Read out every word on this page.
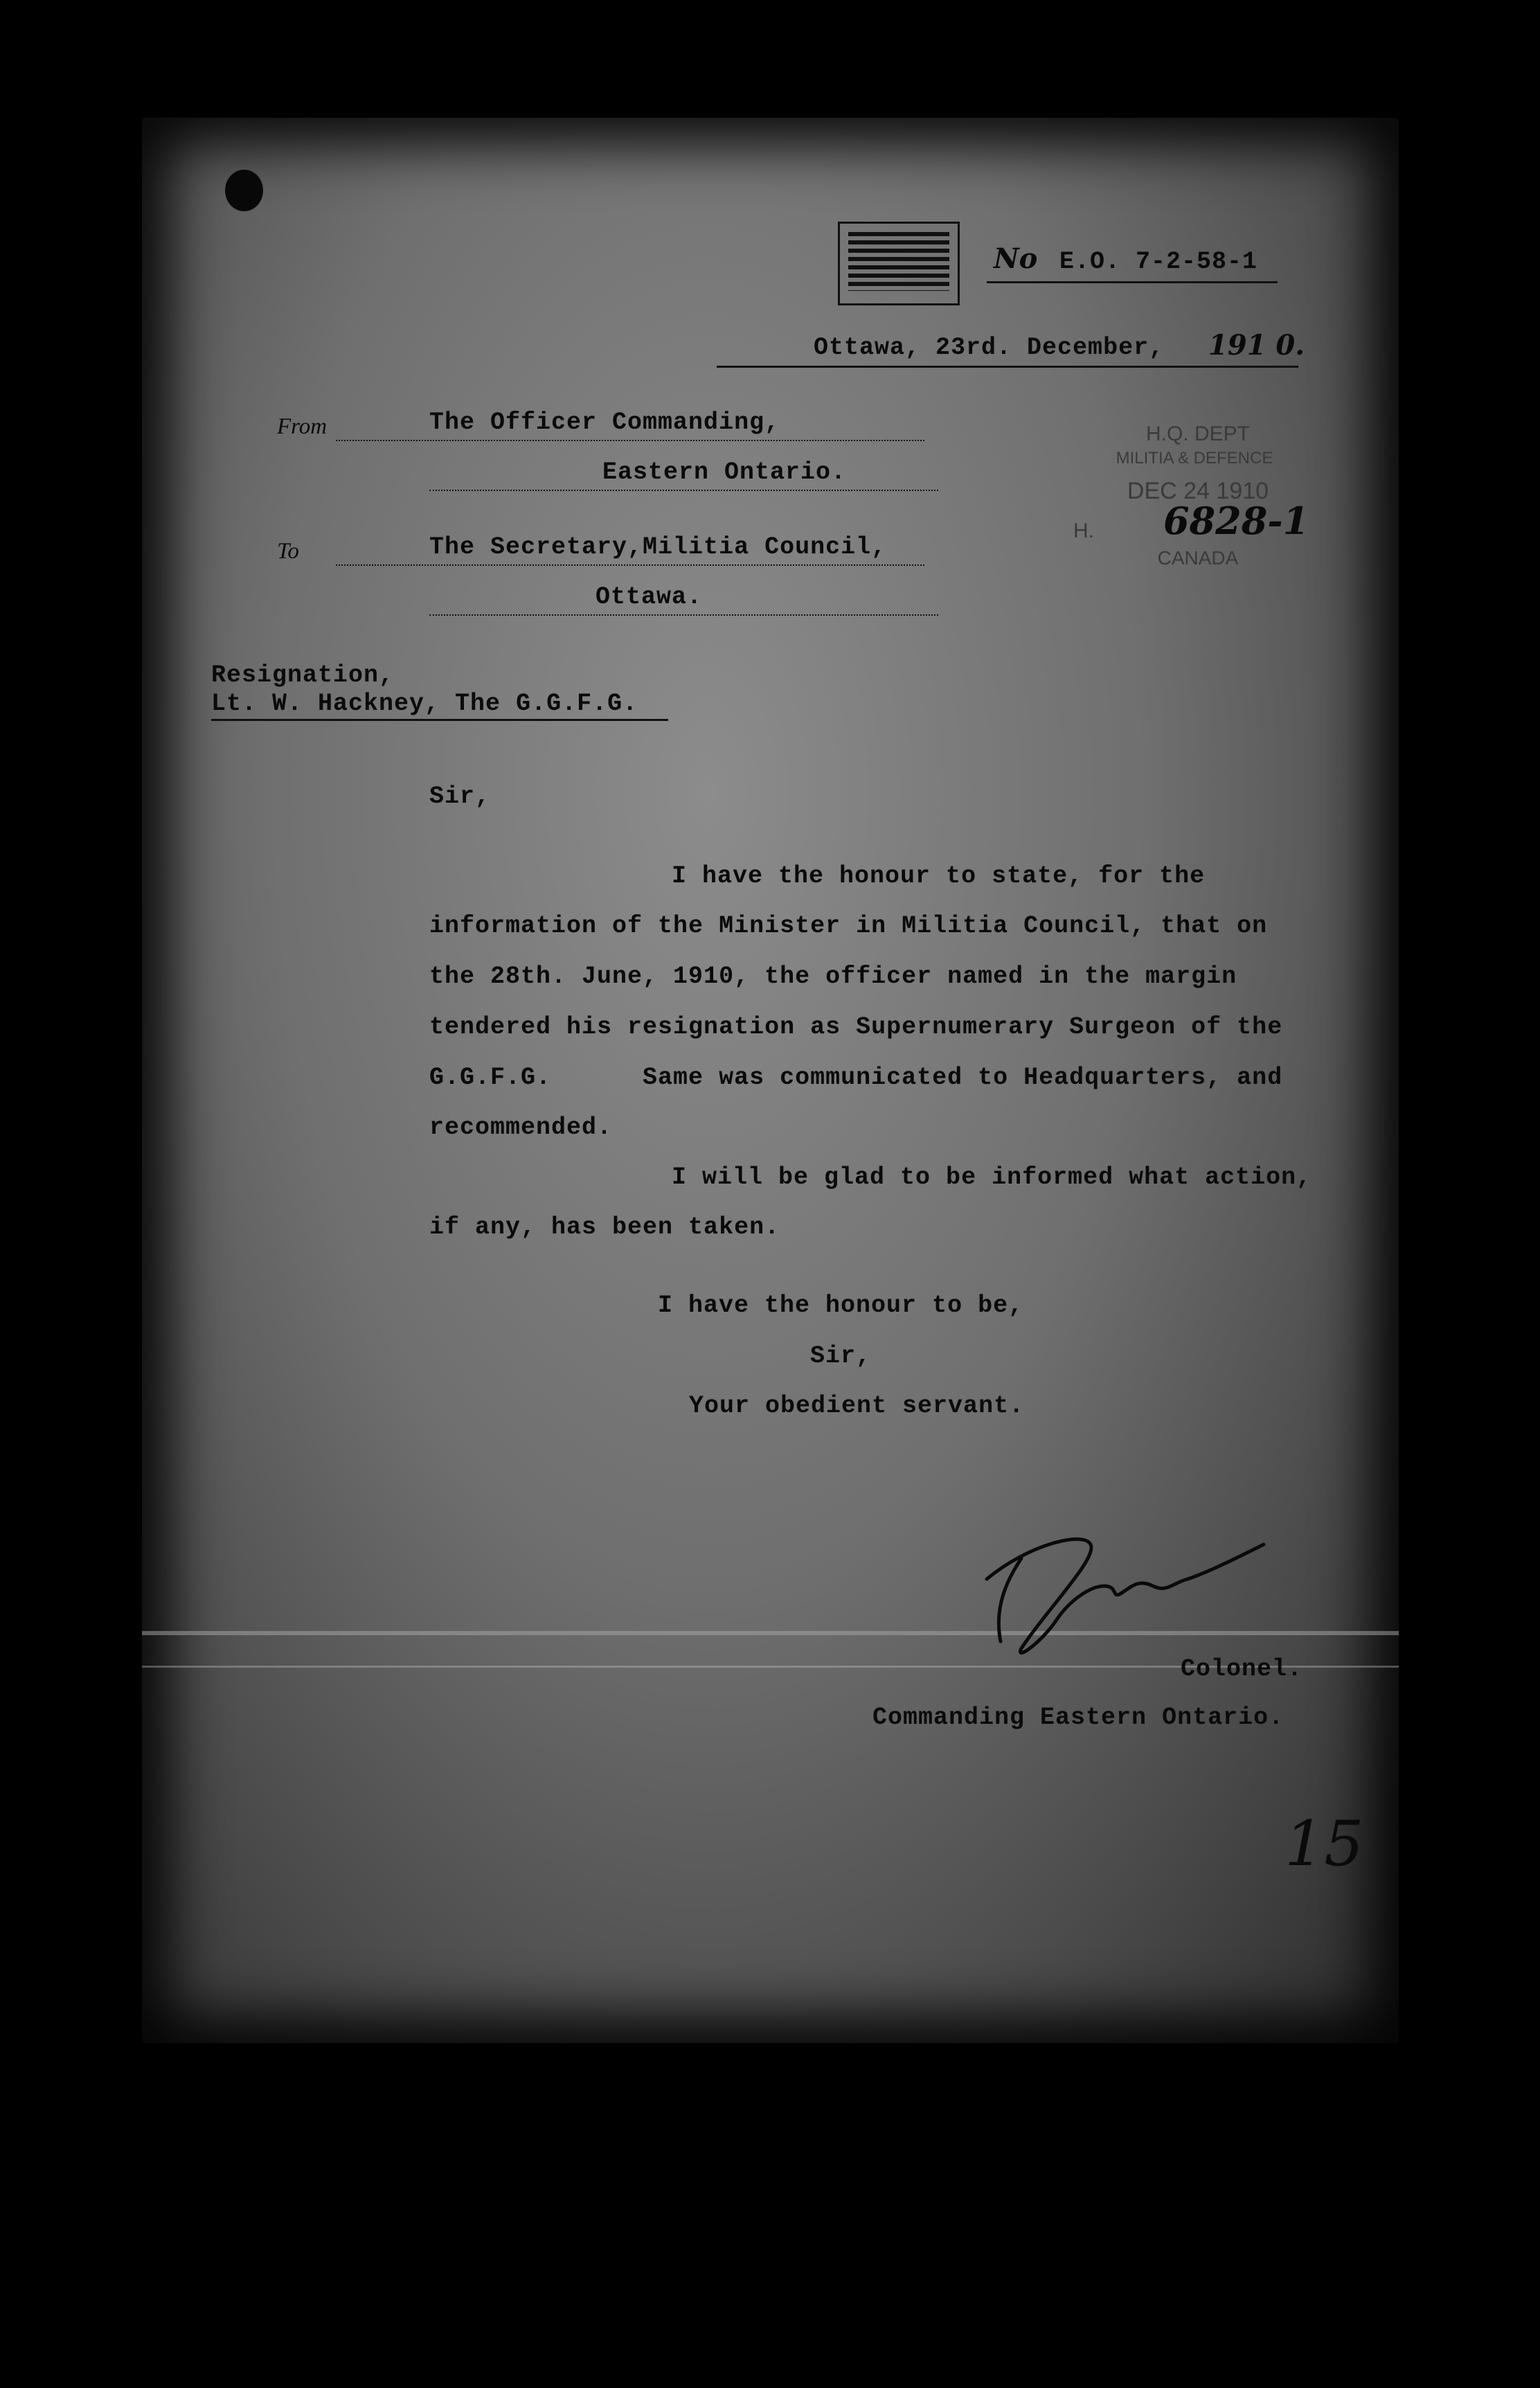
No E.O. 7-2-58-1
Ottawa, 23rd. December, 191 0.
From	The Officer Commanding,
Eastern Ontario.
To	The Secretary,Militia Council,
Ottawa.
H.Q. DEPT
MILITIA & DEFENCE
DEC 24 1910
H. 6828-1
CANADA
Resignation,
Lt. W. Hackney, The G.G.F.G.
Sir,
I have the honour to state, for the
information of the Minister in Militia Council, that on
the 28th. June, 1910, the officer named in the margin
tendered his resignation as Supernumerary Surgeon of the
G.G.F.G.      Same was communicated to Headquarters, and
recommended.
I will be glad to be informed what action,
if any, has been taken.
I have the honour to be,
Sir,
Your obedient servant.
Colonel.
Commanding Eastern Ontario.
15
